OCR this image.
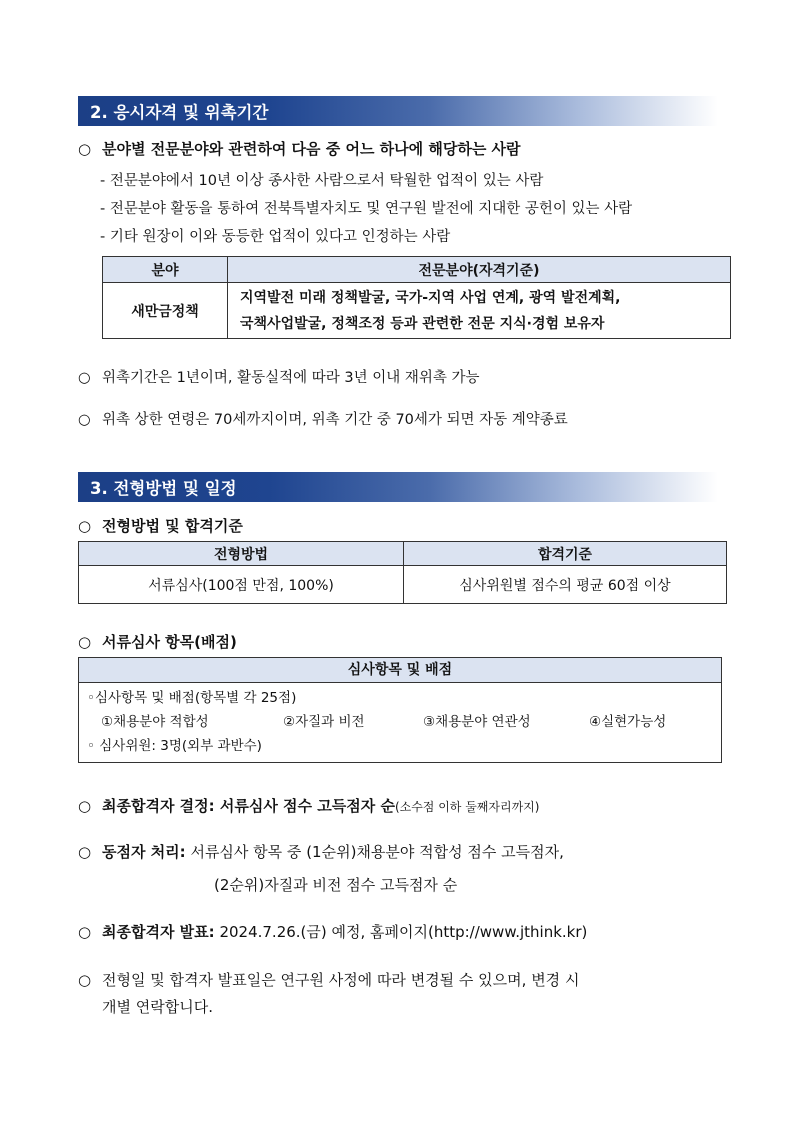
2. 응시자격 및 위촉기간
○ 분야별 전문분야와 관련하여 다음 중 어느 하나에 해당하는 사람
- 전문분야에서 10년 이상 종사한 사람으로서 탁월한 업적이 있는 사람
- 전문분야 활동을 통하여 전북특별자치도 및 연구원 발전에 지대한 공헌이 있는 사람
- 기타 원장이 이와 동등한 업적이 있다고 인정하는 사람
분야	전문분야(자격기준)
새만금정책	지역발전 미래 정책발굴, 국가-지역 사업 연계, 광역 발전계획,
국책사업발굴, 정책조정 등과 관련한 전문 지식·경험 보유자
○ 위촉기간은 1년이며, 활동실적에 따라 3년 이내 재위촉 가능
○ 위촉 상한 연령은 70세까지이며, 위촉 기간 중 70세가 되면 자동 계약종료
3. 전형방법 및 일정
○ 전형방법 및 합격기준
전형방법	합격기준
서류심사(100점 만점, 100%)	심사위원별 점수의 평균 60점 이상
○ 서류심사 항목(배점)
심사항목 및 배점
◦심사항목 및 배점(항목별 각 25점)
①채용분야 적합성	②자질과 비전	③채용분야 연관성	④실현가능성
◦ 심사위원: 3명(외부 과반수)
○ 최종합격자 결정: 서류심사 점수 고득점자 순(소수점 이하 둘째자리까지)
○ 동점자 처리: 서류심사 항목 중 (1순위)채용분야 적합성 점수 고득점자,
(2순위)자질과 비전 점수 고득점자 순
○ 최종합격자 발표: 2024.7.26.(금) 예정, 홈페이지(http://www.jthink.kr)
○ 전형일 및 합격자 발표일은 연구원 사정에 따라 변경될 수 있으며, 변경 시
개별 연락합니다.
